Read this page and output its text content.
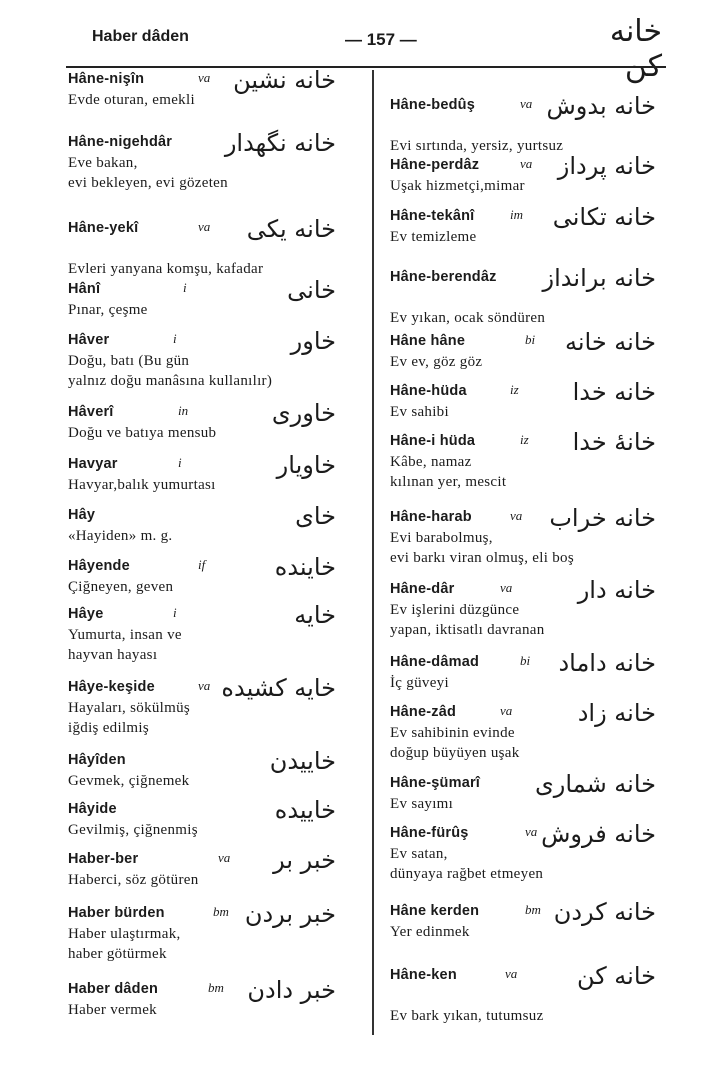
Haber dâden	— 157 —	خانه كن
Hâne-nişîn	va
Evde oturan, emekli
خانه نشين
Hâne-nigehdâr
Eve bakan,
evi bekleyen, evi gözeten
خانه نگهدار
Hâne-yekî	va

Evleri yanyana komşu, kafadar
خانه يكى
Hânî	i
Pınar, çeşme
خانى
Hâver	i
Doğu, batı (Bu gün
yalnız doğu manâsına kullanılır)
خاور
Hâverî	in
Doğu ve batıya mensub
خاورى
Havyar	i
Havyar,balık yumurtası
خاويار
Hây
«Hayiden» m. g.
خاى
Hâyende	if
Çiğneyen, geven
خاينده
Hâye	i
Yumurta, insan ve
hayvan hayası
خايه
Hâye-keşide	va
Hayaları, sökülmüş
iğdiş edilmiş
خايه كشيده
Hâyîden
Gevmek, çiğnemek
خاييدن
Hâyide
Gevilmiş, çiğnenmiş
خاييده
Haber-ber	va
Haberci, söz götüren
خبر بر
Haber bürden	bm
Haber ulaştırmak,
haber götürmek
خبر بردن
Haber dâden	bm
Haber vermek
خبر دادن
Hâne-bedûş	va

Evi sırtında, yersiz, yurtsuz
خانه بدوش
Hâne-perdâz	va
Uşak hizmetçi,mimar
خانه پرداز
Hâne-tekânî	im
Ev temizleme
خانه تكانى
Hâne-berendâz

Ev yıkan, ocak söndüren
خانه برانداز
Hâne hâne	bi
Ev ev, göz göz
خانه خانه
Hâne-hüda	iz
Ev sahibi
خانه خدا
Hâne-i hüda	iz
Kâbe, namaz
kılınan yer, mescit
خانهٔ خدا
Hâne-harab	va
Evi barabolmuş,
evi barkı viran olmuş, eli boş
خانه خراب
Hâne-dâr	va
Ev işlerini düzgünce
yapan, iktisatlı davranan
خانه دار
Hâne-dâmad	bi
İç güveyi
خانه داماد
Hâne-zâd	va
Ev sahibinin evinde
doğup büyüyen uşak
خانه زاد
Hâne-şümarî
Ev sayımı
خانه شمارى
Hâne-fürûş	va
Ev satan,
dünyaya rağbet etmeyen
خانه فروش
Hâne kerden	bm
Yer edinmek
خانه كردن
Hâne-ken	va

Ev bark yıkan, tutumsuz
خانه كن
